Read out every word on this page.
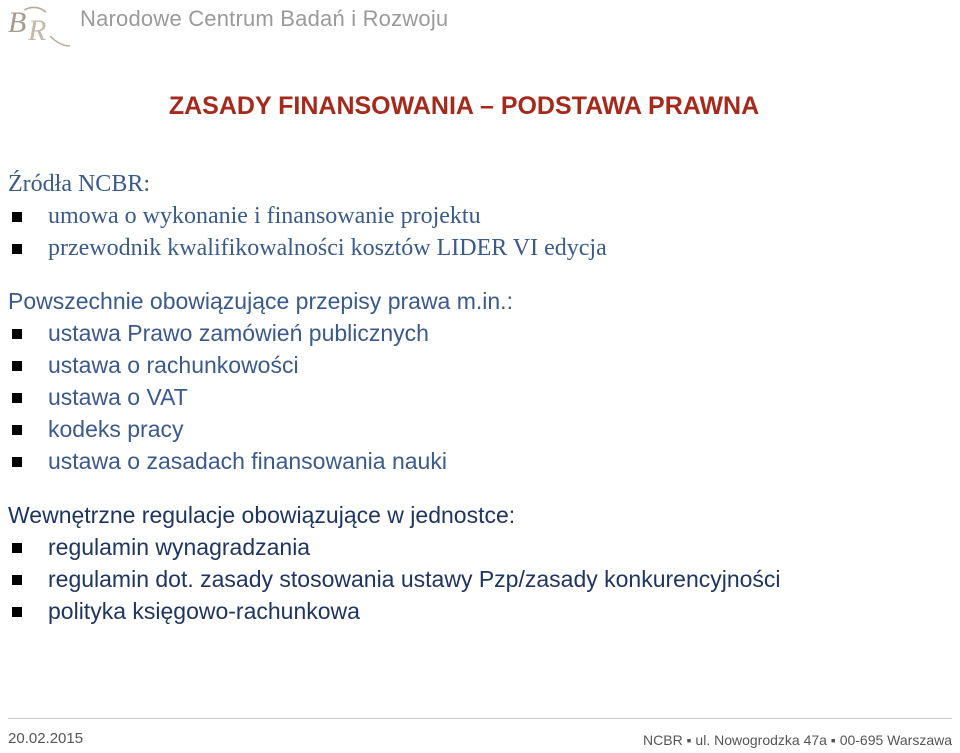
B R Narodowe Centrum Badań i Rozwoju
ZASADY FINANSOWANIA – PODSTAWA PRAWNA
Źródła NCBR:
umowa o wykonanie i finansowanie projektu
przewodnik kwalifikowalności kosztów LIDER VI edycja
Powszechnie obowiązujące przepisy prawa m.in.:
ustawa Prawo zamówień publicznych
ustawa o rachunkowości
ustawa o VAT
kodeks pracy
ustawa o zasadach finansowania nauki
Wewnętrzne regulacje obowiązujące w jednostce:
regulamin wynagradzania
regulamin dot. zasady stosowania ustawy Pzp/zasady konkurencyjności
polityka księgowo-rachunkowa
20.02.2015	NCBR ▪ ul. Nowogrodzka 47a ▪ 00-695 Warszawa
